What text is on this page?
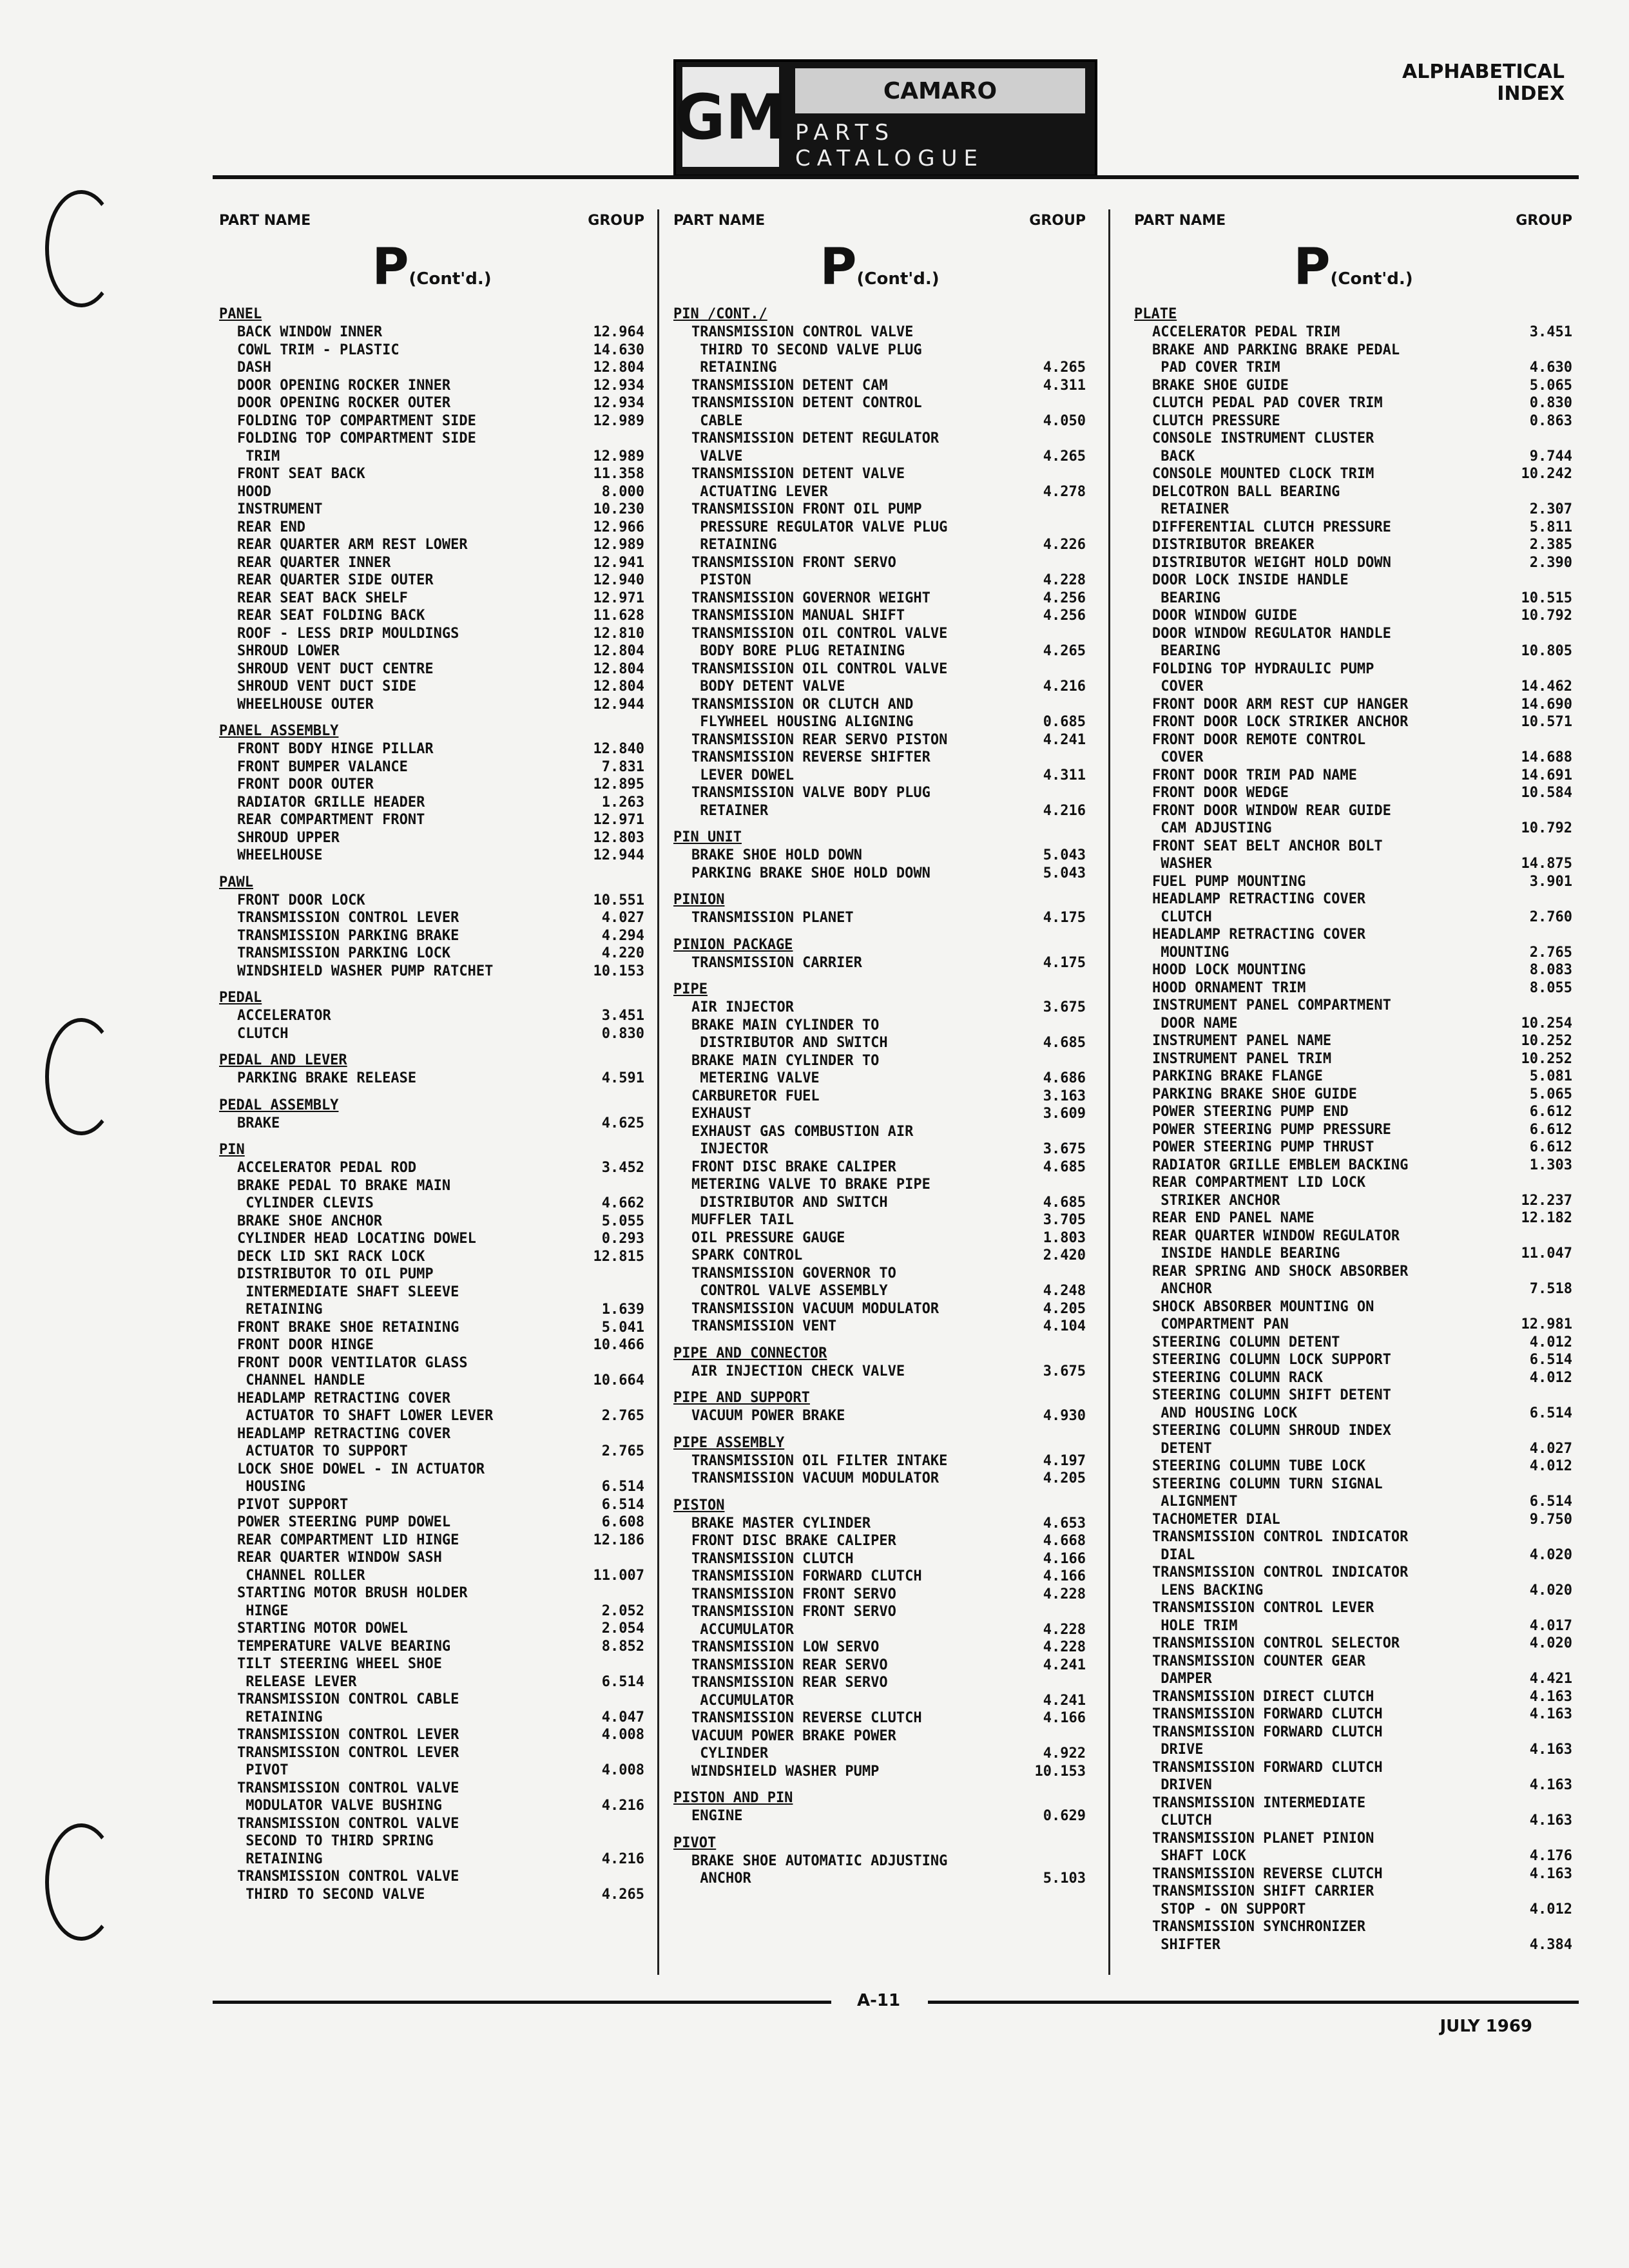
GM	CAMARO
PARTS CATALOGUE
ALPHABETICAL
INDEX
PART NAME	GROUP
P(Cont'd.)
PANEL
BACK WINDOW INNER	12.964
COWL TRIM - PLASTIC	14.630
DASH	12.804
DOOR OPENING ROCKER INNER	12.934
DOOR OPENING ROCKER OUTER	12.934
FOLDING TOP COMPARTMENT SIDE	12.989
FOLDING TOP COMPARTMENT SIDE
TRIM	12.989
FRONT SEAT BACK	11.358
HOOD	8.000
INSTRUMENT	10.230
REAR END	12.966
REAR QUARTER ARM REST LOWER	12.989
REAR QUARTER INNER	12.941
REAR QUARTER SIDE OUTER	12.940
REAR SEAT BACK SHELF	12.971
REAR SEAT FOLDING BACK	11.628
ROOF - LESS DRIP MOULDINGS	12.810
SHROUD LOWER	12.804
SHROUD VENT DUCT CENTRE	12.804
SHROUD VENT DUCT SIDE	12.804
WHEELHOUSE OUTER	12.944
PANEL ASSEMBLY
FRONT BODY HINGE PILLAR	12.840
FRONT BUMPER VALANCE	7.831
FRONT DOOR OUTER	12.895
RADIATOR GRILLE HEADER	1.263
REAR COMPARTMENT FRONT	12.971
SHROUD UPPER	12.803
WHEELHOUSE	12.944
PAWL
FRONT DOOR LOCK	10.551
TRANSMISSION CONTROL LEVER	4.027
TRANSMISSION PARKING BRAKE	4.294
TRANSMISSION PARKING LOCK	4.220
WINDSHIELD WASHER PUMP RATCHET	10.153
PEDAL
ACCELERATOR	3.451
CLUTCH	0.830
PEDAL AND LEVER
PARKING BRAKE RELEASE	4.591
PEDAL ASSEMBLY
BRAKE	4.625
PIN
ACCELERATOR PEDAL ROD	3.452
BRAKE PEDAL TO BRAKE MAIN
CYLINDER CLEVIS	4.662
BRAKE SHOE ANCHOR	5.055
CYLINDER HEAD LOCATING DOWEL	0.293
DECK LID SKI RACK LOCK	12.815
DISTRIBUTOR TO OIL PUMP
INTERMEDIATE SHAFT SLEEVE
RETAINING	1.639
FRONT BRAKE SHOE RETAINING	5.041
FRONT DOOR HINGE	10.466
FRONT DOOR VENTILATOR GLASS
CHANNEL HANDLE	10.664
HEADLAMP RETRACTING COVER
ACTUATOR TO SHAFT LOWER LEVER	2.765
HEADLAMP RETRACTING COVER
ACTUATOR TO SUPPORT	2.765
LOCK SHOE DOWEL - IN ACTUATOR
HOUSING	6.514
PIVOT SUPPORT	6.514
POWER STEERING PUMP DOWEL	6.608
REAR COMPARTMENT LID HINGE	12.186
REAR QUARTER WINDOW SASH
CHANNEL ROLLER	11.007
STARTING MOTOR BRUSH HOLDER
HINGE	2.052
STARTING MOTOR DOWEL	2.054
TEMPERATURE VALVE BEARING	8.852
TILT STEERING WHEEL SHOE
RELEASE LEVER	6.514
TRANSMISSION CONTROL CABLE
RETAINING	4.047
TRANSMISSION CONTROL LEVER	4.008
TRANSMISSION CONTROL LEVER
PIVOT	4.008
TRANSMISSION CONTROL VALVE
MODULATOR VALVE BUSHING	4.216
TRANSMISSION CONTROL VALVE
SECOND TO THIRD SPRING
RETAINING	4.216
TRANSMISSION CONTROL VALVE
THIRD TO SECOND VALVE	4.265
PART NAME	GROUP
P(Cont'd.)
PIN /CONT./
TRANSMISSION CONTROL VALVE
THIRD TO SECOND VALVE PLUG
RETAINING	4.265
TRANSMISSION DETENT CAM	4.311
TRANSMISSION DETENT CONTROL
CABLE	4.050
TRANSMISSION DETENT REGULATOR
VALVE	4.265
TRANSMISSION DETENT VALVE
ACTUATING LEVER	4.278
TRANSMISSION FRONT OIL PUMP
PRESSURE REGULATOR VALVE PLUG
RETAINING	4.226
TRANSMISSION FRONT SERVO
PISTON	4.228
TRANSMISSION GOVERNOR WEIGHT	4.256
TRANSMISSION MANUAL SHIFT	4.256
TRANSMISSION OIL CONTROL VALVE
BODY BORE PLUG RETAINING	4.265
TRANSMISSION OIL CONTROL VALVE
BODY DETENT VALVE	4.216
TRANSMISSION OR CLUTCH AND
FLYWHEEL HOUSING ALIGNING	0.685
TRANSMISSION REAR SERVO PISTON	4.241
TRANSMISSION REVERSE SHIFTER
LEVER DOWEL	4.311
TRANSMISSION VALVE BODY PLUG
RETAINER	4.216
PIN UNIT
BRAKE SHOE HOLD DOWN	5.043
PARKING BRAKE SHOE HOLD DOWN	5.043
PINION
TRANSMISSION PLANET	4.175
PINION PACKAGE
TRANSMISSION CARRIER	4.175
PIPE
AIR INJECTOR	3.675
BRAKE MAIN CYLINDER TO
DISTRIBUTOR AND SWITCH	4.685
BRAKE MAIN CYLINDER TO
METERING VALVE	4.686
CARBURETOR FUEL	3.163
EXHAUST	3.609
EXHAUST GAS COMBUSTION AIR
INJECTOR	3.675
FRONT DISC BRAKE CALIPER	4.685
METERING VALVE TO BRAKE PIPE
DISTRIBUTOR AND SWITCH	4.685
MUFFLER TAIL	3.705
OIL PRESSURE GAUGE	1.803
SPARK CONTROL	2.420
TRANSMISSION GOVERNOR TO
CONTROL VALVE ASSEMBLY	4.248
TRANSMISSION VACUUM MODULATOR	4.205
TRANSMISSION VENT	4.104
PIPE AND CONNECTOR
AIR INJECTION CHECK VALVE	3.675
PIPE AND SUPPORT
VACUUM POWER BRAKE	4.930
PIPE ASSEMBLY
TRANSMISSION OIL FILTER INTAKE	4.197
TRANSMISSION VACUUM MODULATOR	4.205
PISTON
BRAKE MASTER CYLINDER	4.653
FRONT DISC BRAKE CALIPER	4.668
TRANSMISSION CLUTCH	4.166
TRANSMISSION FORWARD CLUTCH	4.166
TRANSMISSION FRONT SERVO	4.228
TRANSMISSION FRONT SERVO
ACCUMULATOR	4.228
TRANSMISSION LOW SERVO	4.228
TRANSMISSION REAR SERVO	4.241
TRANSMISSION REAR SERVO
ACCUMULATOR	4.241
TRANSMISSION REVERSE CLUTCH	4.166
VACUUM POWER BRAKE POWER
CYLINDER	4.922
WINDSHIELD WASHER PUMP	10.153
PISTON AND PIN
ENGINE	0.629
PIVOT
BRAKE SHOE AUTOMATIC ADJUSTING
ANCHOR	5.103
PART NAME	GROUP
P(Cont'd.)
PLATE
ACCELERATOR PEDAL TRIM	3.451
BRAKE AND PARKING BRAKE PEDAL
PAD COVER TRIM	4.630
BRAKE SHOE GUIDE	5.065
CLUTCH PEDAL PAD COVER TRIM	0.830
CLUTCH PRESSURE	0.863
CONSOLE INSTRUMENT CLUSTER
BACK	9.744
CONSOLE MOUNTED CLOCK TRIM	10.242
DELCOTRON BALL BEARING
RETAINER	2.307
DIFFERENTIAL CLUTCH PRESSURE	5.811
DISTRIBUTOR BREAKER	2.385
DISTRIBUTOR WEIGHT HOLD DOWN	2.390
DOOR LOCK INSIDE HANDLE
BEARING	10.515
DOOR WINDOW GUIDE	10.792
DOOR WINDOW REGULATOR HANDLE
BEARING	10.805
FOLDING TOP HYDRAULIC PUMP
COVER	14.462
FRONT DOOR ARM REST CUP HANGER	14.690
FRONT DOOR LOCK STRIKER ANCHOR	10.571
FRONT DOOR REMOTE CONTROL
COVER	14.688
FRONT DOOR TRIM PAD NAME	14.691
FRONT DOOR WEDGE	10.584
FRONT DOOR WINDOW REAR GUIDE
CAM ADJUSTING	10.792
FRONT SEAT BELT ANCHOR BOLT
WASHER	14.875
FUEL PUMP MOUNTING	3.901
HEADLAMP RETRACTING COVER
CLUTCH	2.760
HEADLAMP RETRACTING COVER
MOUNTING	2.765
HOOD LOCK MOUNTING	8.083
HOOD ORNAMENT TRIM	8.055
INSTRUMENT PANEL COMPARTMENT
DOOR NAME	10.254
INSTRUMENT PANEL NAME	10.252
INSTRUMENT PANEL TRIM	10.252
PARKING BRAKE FLANGE	5.081
PARKING BRAKE SHOE GUIDE	5.065
POWER STEERING PUMP END	6.612
POWER STEERING PUMP PRESSURE	6.612
POWER STEERING PUMP THRUST	6.612
RADIATOR GRILLE EMBLEM BACKING	1.303
REAR COMPARTMENT LID LOCK
STRIKER ANCHOR	12.237
REAR END PANEL NAME	12.182
REAR QUARTER WINDOW REGULATOR
INSIDE HANDLE BEARING	11.047
REAR SPRING AND SHOCK ABSORBER
ANCHOR	7.518
SHOCK ABSORBER MOUNTING ON
COMPARTMENT PAN	12.981
STEERING COLUMN DETENT	4.012
STEERING COLUMN LOCK SUPPORT	6.514
STEERING COLUMN RACK	4.012
STEERING COLUMN SHIFT DETENT
AND HOUSING LOCK	6.514
STEERING COLUMN SHROUD INDEX
DETENT	4.027
STEERING COLUMN TUBE LOCK	4.012
STEERING COLUMN TURN SIGNAL
ALIGNMENT	6.514
TACHOMETER DIAL	9.750
TRANSMISSION CONTROL INDICATOR
DIAL	4.020
TRANSMISSION CONTROL INDICATOR
LENS BACKING	4.020
TRANSMISSION CONTROL LEVER
HOLE TRIM	4.017
TRANSMISSION CONTROL SELECTOR	4.020
TRANSMISSION COUNTER GEAR
DAMPER	4.421
TRANSMISSION DIRECT CLUTCH	4.163
TRANSMISSION FORWARD CLUTCH	4.163
TRANSMISSION FORWARD CLUTCH
DRIVE	4.163
TRANSMISSION FORWARD CLUTCH
DRIVEN	4.163
TRANSMISSION INTERMEDIATE
CLUTCH	4.163
TRANSMISSION PLANET PINION
SHAFT LOCK	4.176
TRANSMISSION REVERSE CLUTCH	4.163
TRANSMISSION SHIFT CARRIER
STOP - ON SUPPORT	4.012
TRANSMISSION SYNCHRONIZER
SHIFTER	4.384
A-11
JULY 1969
